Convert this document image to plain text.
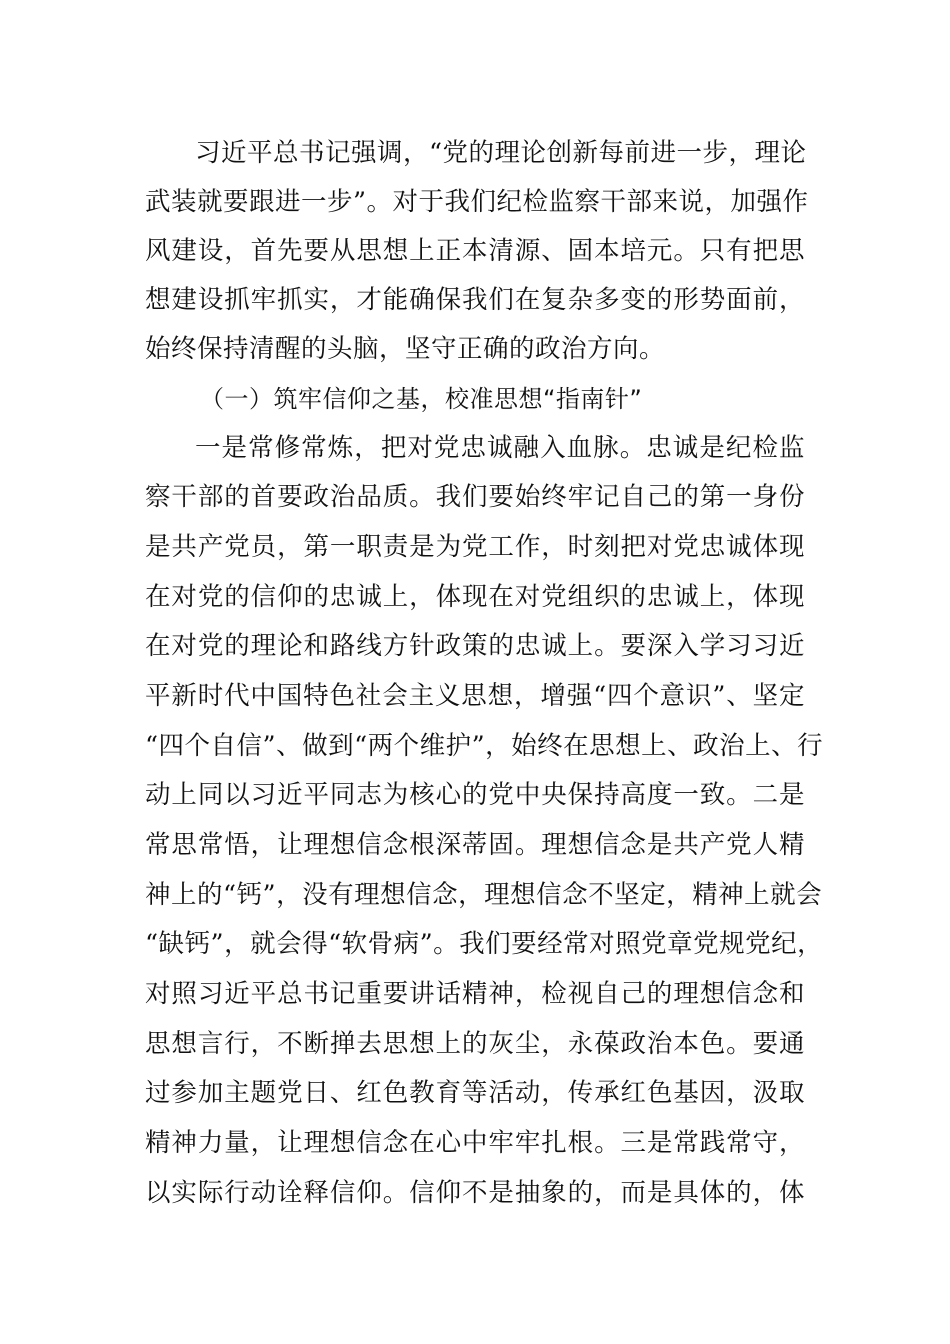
习近平总书记强调，“党的理论创新每前进一步，理论
武装就要跟进一步”。对于我们纪检监察干部来说，加强作
风建设，首先要从思想上正本清源、固本培元。只有把思
想建设抓牢抓实，才能确保我们在复杂多变的形势面前，
始终保持清醒的头脑，坚守正确的政治方向。
（一）筑牢信仰之基，校准思想“指南针”
一是常修常炼，把对党忠诚融入血脉。忠诚是纪检监
察干部的首要政治品质。我们要始终牢记自己的第一身份
是共产党员，第一职责是为党工作，时刻把对党忠诚体现
在对党的信仰的忠诚上，体现在对党组织的忠诚上，体现
在对党的理论和路线方针政策的忠诚上。要深入学习习近
平新时代中国特色社会主义思想，增强“四个意识”、坚定
“四个自信”、做到“两个维护”，始终在思想上、政治上、行
动上同以习近平同志为核心的党中央保持高度一致。二是
常思常悟，让理想信念根深蒂固。理想信念是共产党人精
神上的“钙”，没有理想信念，理想信念不坚定，精神上就会
“缺钙”，就会得“软骨病”。我们要经常对照党章党规党纪，
对照习近平总书记重要讲话精神，检视自己的理想信念和
思想言行，不断掸去思想上的灰尘，永葆政治本色。要通
过参加主题党日、红色教育等活动，传承红色基因，汲取
精神力量，让理想信念在心中牢牢扎根。三是常践常守，
以实际行动诠释信仰。信仰不是抽象的，而是具体的，体
